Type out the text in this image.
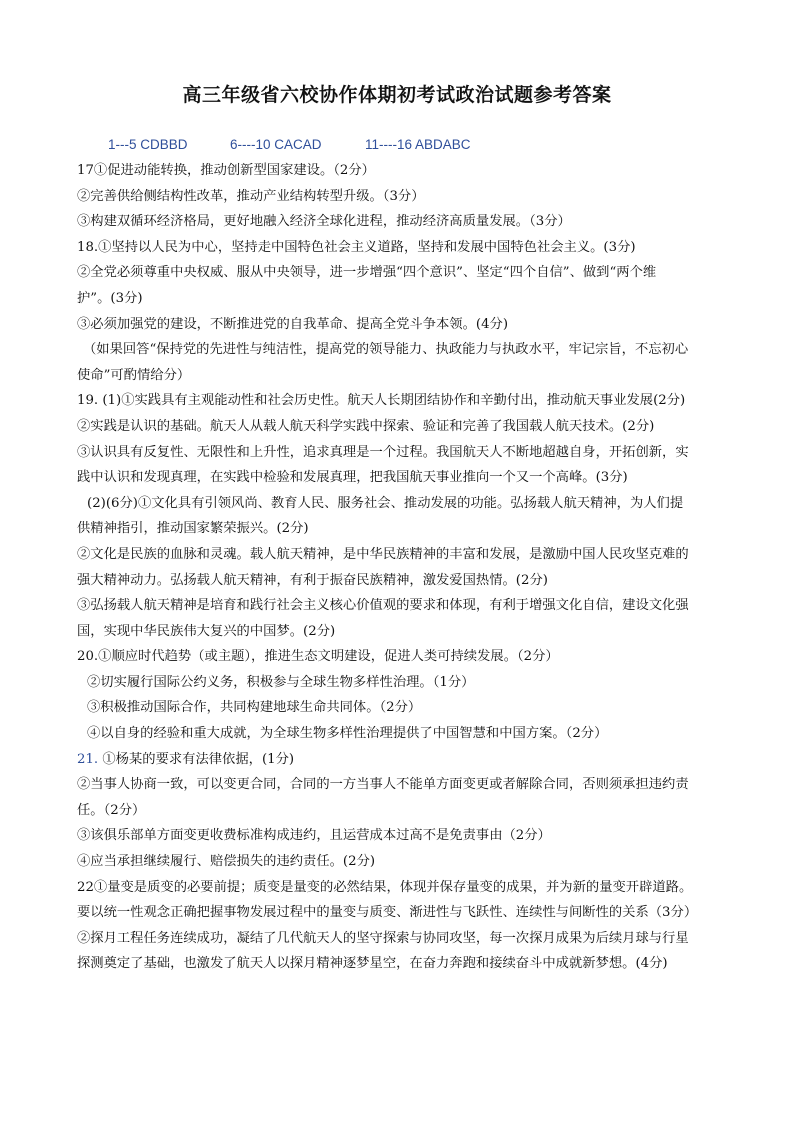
高三年级省六校协作体期初考试政治试题参考答案
1---5 CDBBD	6----10 CACAD	11----16 ABDABC
17①促进动能转换，推动创新型国家建设。（2分）
②完善供给侧结构性改革，推动产业结构转型升级。（3分）
③构建双循环经济格局，更好地融入经济全球化进程，推动经济高质量发展。（3分）
18.①坚持以人民为中心，坚持走中国特色社会主义道路，坚持和发展中国特色社会主义。(3分)
②全党必须尊重中央权威、服从中央领导，进一步增强“四个意识”、坚定“四个自信”、做到“两个维
护”。(3分)
③必须加强党的建设，不断推进党的自我革命、提高全党斗争本领。(4分)
（如果回答“保持党的先进性与纯洁性，提高党的领导能力、执政能力与执政水平，牢记宗旨，不忘初心
使命”可酌情给分）
19. (1)①实践具有主观能动性和社会历史性。航天人长期团结协作和辛勤付出，推动航天事业发展(2分)
②实践是认识的基础。航天人从载人航天科学实践中探索、验证和完善了我国载人航天技术。(2分)
③认识具有反复性、无限性和上升性，追求真理是一个过程。我国航天人不断地超越自身，开拓创新，实
践中认识和发现真理，在实践中检验和发展真理，把我国航天事业推向一个又一个高峰。(3分)
(2)(6分)①文化具有引领风尚、教育人民、服务社会、推动发展的功能。弘扬载人航天精神，为人们提
供精神指引，推动国家繁荣振兴。(2分)
②文化是民族的血脉和灵魂。载人航天精神，是中华民族精神的丰富和发展，是激励中国人民攻坚克难的
强大精神动力。弘扬载人航天精神，有利于振奋民族精神，激发爱国热情。(2分)
③弘扬载人航天精神是培育和践行社会主义核心价值观的要求和体现，有利于增强文化自信，建设文化强
国，实现中华民族伟大复兴的中国梦。(2分)
20.①顺应时代趋势（或主题），推进生态文明建设，促进人类可持续发展。（2分）
②切实履行国际公约义务，积极参与全球生物多样性治理。（1分）
③积极推动国际合作，共同构建地球生命共同体。（2分）
④以自身的经验和重大成就，为全球生物多样性治理提供了中国智慧和中国方案。（2分）
21. ①杨某的要求有法律依据，(1分)
②当事人协商一致，可以变更合同，合同的一方当事人不能单方面变更或者解除合同，否则须承担违约责
任。（2分）
③该俱乐部单方面变更收费标准构成违约，且运营成本过高不是免责事由（2分）
④应当承担继续履行、赔偿损失的违约责任。(2分)
22①量变是质变的必要前提；质变是量变的必然结果，体现并保存量变的成果，并为新的量变开辟道路。
要以统一性观念正确把握事物发展过程中的量变与质变、渐进性与飞跃性、连续性与间断性的关系（3分）
②探月工程任务连续成功，凝结了几代航天人的坚守探索与协同攻坚，每一次探月成果为后续月球与行星
探测奠定了基础，也激发了航天人以探月精神逐梦星空，在奋力奔跑和接续奋斗中成就新梦想。(4分)
